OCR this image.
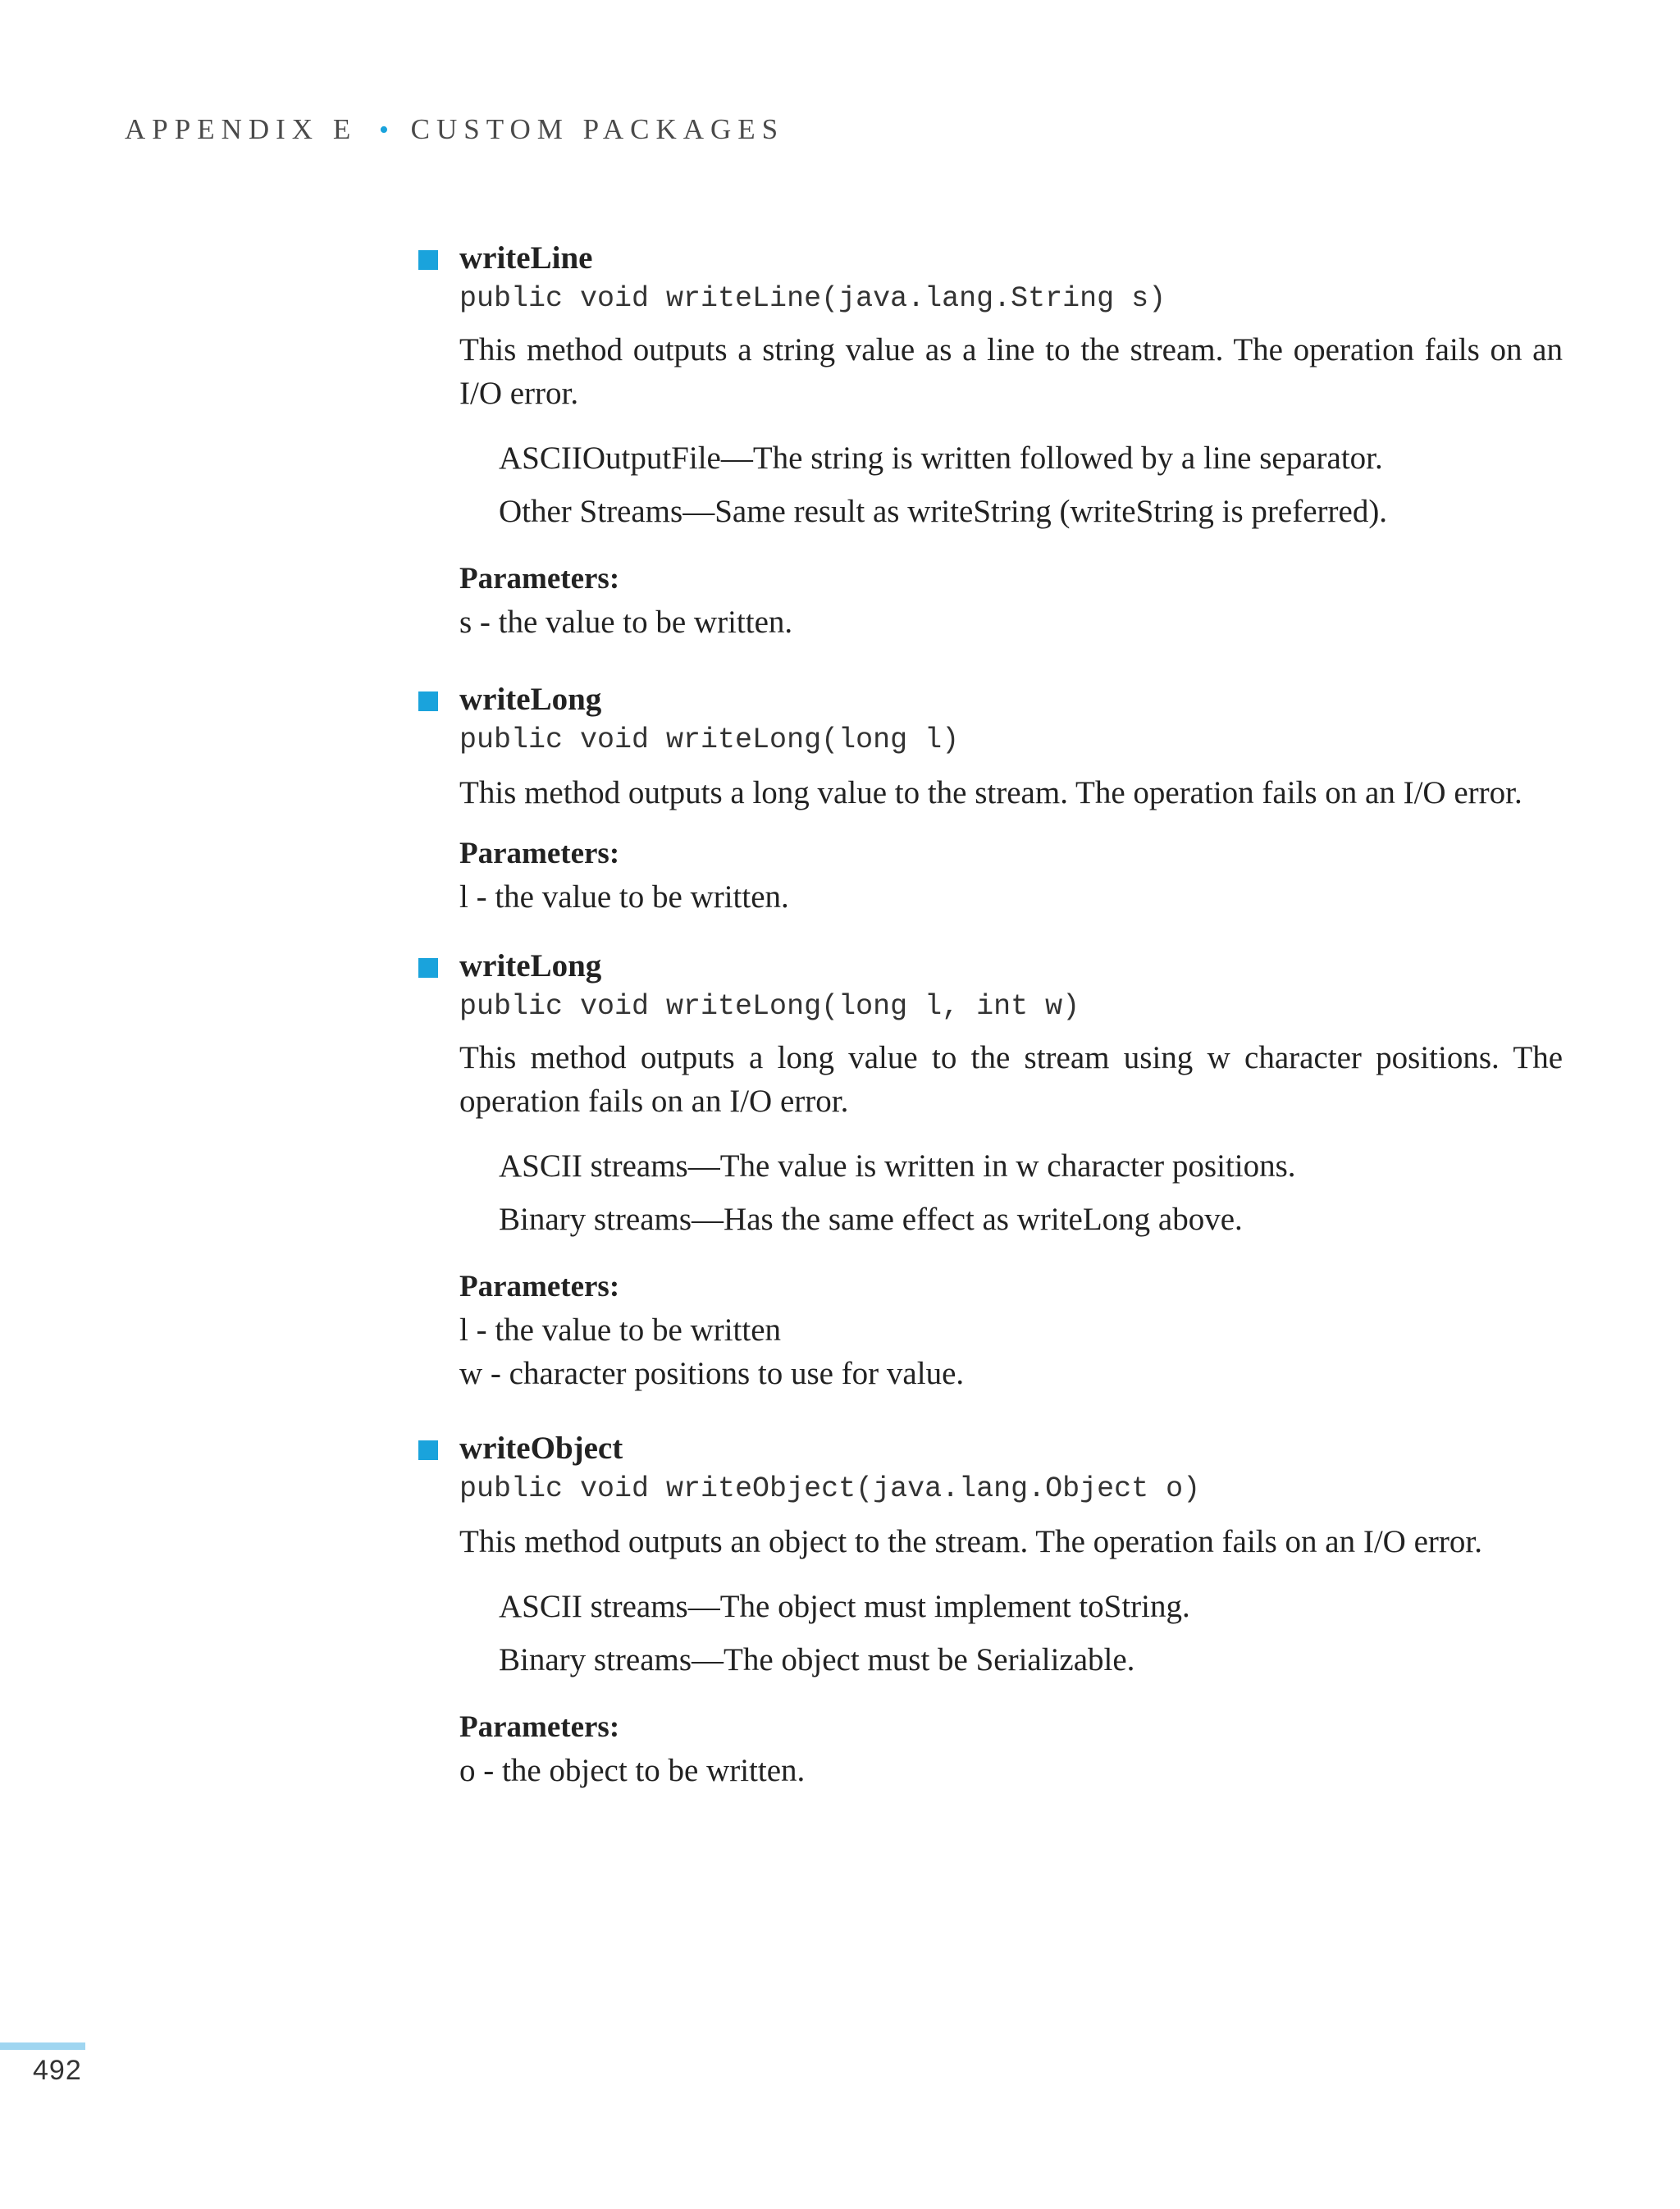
APPENDIX E • CUSTOM PACKAGES
writeLine
public void writeLine(java.lang.String s)
This method outputs a string value as a line to the stream. The operation fails on an I/O error.
ASCIIOutputFile—The string is written followed by a line separator.
Other Streams—Same result as writeString (writeString is preferred).
Parameters:
s - the value to be written.
writeLong
public void writeLong(long l)
This method outputs a long value to the stream. The operation fails on an I/O error.
Parameters:
l - the value to be written.
writeLong
public void writeLong(long l, int w)
This method outputs a long value to the stream using w character positions. The operation fails on an I/O error.
ASCII streams—The value is written in w character positions.
Binary streams—Has the same effect as writeLong above.
Parameters:
l - the value to be written
w - character positions to use for value.
writeObject
public void writeObject(java.lang.Object o)
This method outputs an object to the stream. The operation fails on an I/O error.
ASCII streams—The object must implement toString.
Binary streams—The object must be Serializable.
Parameters:
o - the object to be written.
492
